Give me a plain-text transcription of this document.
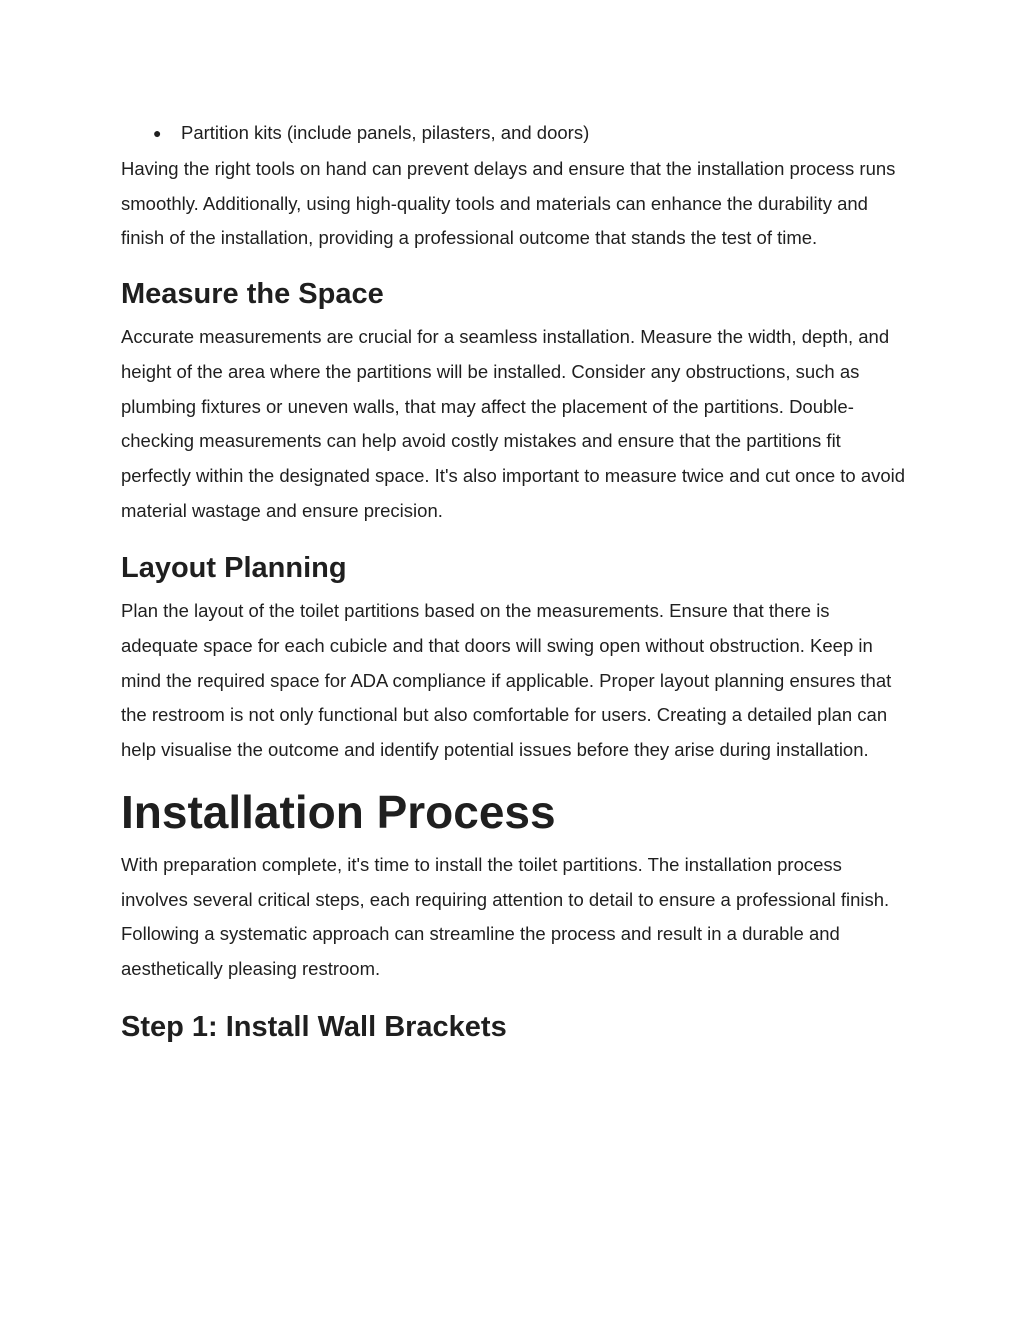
● Partition kits (include panels, pilasters, and doors)

Having the right tools on hand can prevent delays and ensure that the installation process runs smoothly. Additionally, using high-quality tools and materials can enhance the durability and finish of the installation, providing a professional outcome that stands the test of time.

Measure the Space

Accurate measurements are crucial for a seamless installation. Measure the width, depth, and height of the area where the partitions will be installed. Consider any obstructions, such as plumbing fixtures or uneven walls, that may affect the placement of the partitions. Double-checking measurements can help avoid costly mistakes and ensure that the partitions fit perfectly within the designated space. It's also important to measure twice and cut once to avoid material wastage and ensure precision.

Layout Planning

Plan the layout of the toilet partitions based on the measurements. Ensure that there is adequate space for each cubicle and that doors will swing open without obstruction. Keep in mind the required space for ADA compliance if applicable. Proper layout planning ensures that the restroom is not only functional but also comfortable for users. Creating a detailed plan can help visualise the outcome and identify potential issues before they arise during installation.

Installation Process

With preparation complete, it's time to install the toilet partitions. The installation process involves several critical steps, each requiring attention to detail to ensure a professional finish. Following a systematic approach can streamline the process and result in a durable and aesthetically pleasing restroom.

Step 1: Install Wall Brackets
